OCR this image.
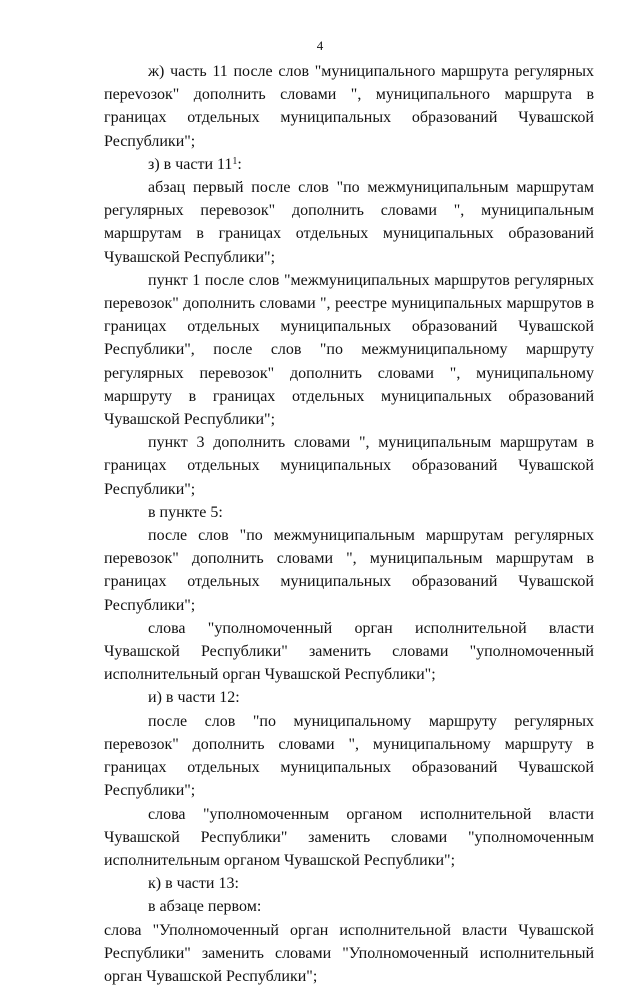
4

ж) часть 11 после слов "муниципального маршрута регулярных переvозок" дополнить словами ", муниципального маршрута в границах отдельных муниципальных образований Чувашской Республики";

з) в части $11^1$:

абзац первый после слов "по межмуниципальным маршрутам регулярных перевозок" дополнить словами ", муниципальным маршрутам в границах отдельных муниципальных образований Чувашской Республики";

пункт 1 после слов "межмуниципальных маршрутов регулярных перевозок" дополнить словами ", реестре муниципальных маршрутов в границах отдельных муниципальных образований Чувашской Республики", после слов "по межмуниципальному маршруту регулярных перевозок" дополнить словами ", муниципальному маршруту в границах отдельных муниципальных образований Чувашской Республики";

пункт 3 дополнить словами ", муниципальным маршрутам в границах отдельных муниципальных образований Чувашской Республики";

в пункте 5:

после слов "по межмуниципальным маршрутам регулярных перевозок" дополнить словами ", муниципальным маршрутам в границах отдельных муниципальных образований Чувашской Республики";

слова "уполномоченный орган исполнительной власти Чувашской Республики" заменить словами "уполномоченный исполнительный орган Чувашской Республики";

и) в части 12:

после слов "по муниципальному маршруту регулярных перевозок" дополнить словами ", муниципальному маршруту в границах отдельных муниципальных образований Чувашской Республики";

слова "уполномоченным органом исполнительной власти Чувашской Республики" заменить словами "уполномоченным исполнительным органом Чувашской Республики";

к) в части 13:

в абзаце первом:

слова "Уполномоченный орган исполнительной власти Чувашской Республики" заменить словами "Уполномоченный исполнительный орган Чувашской Республики";
